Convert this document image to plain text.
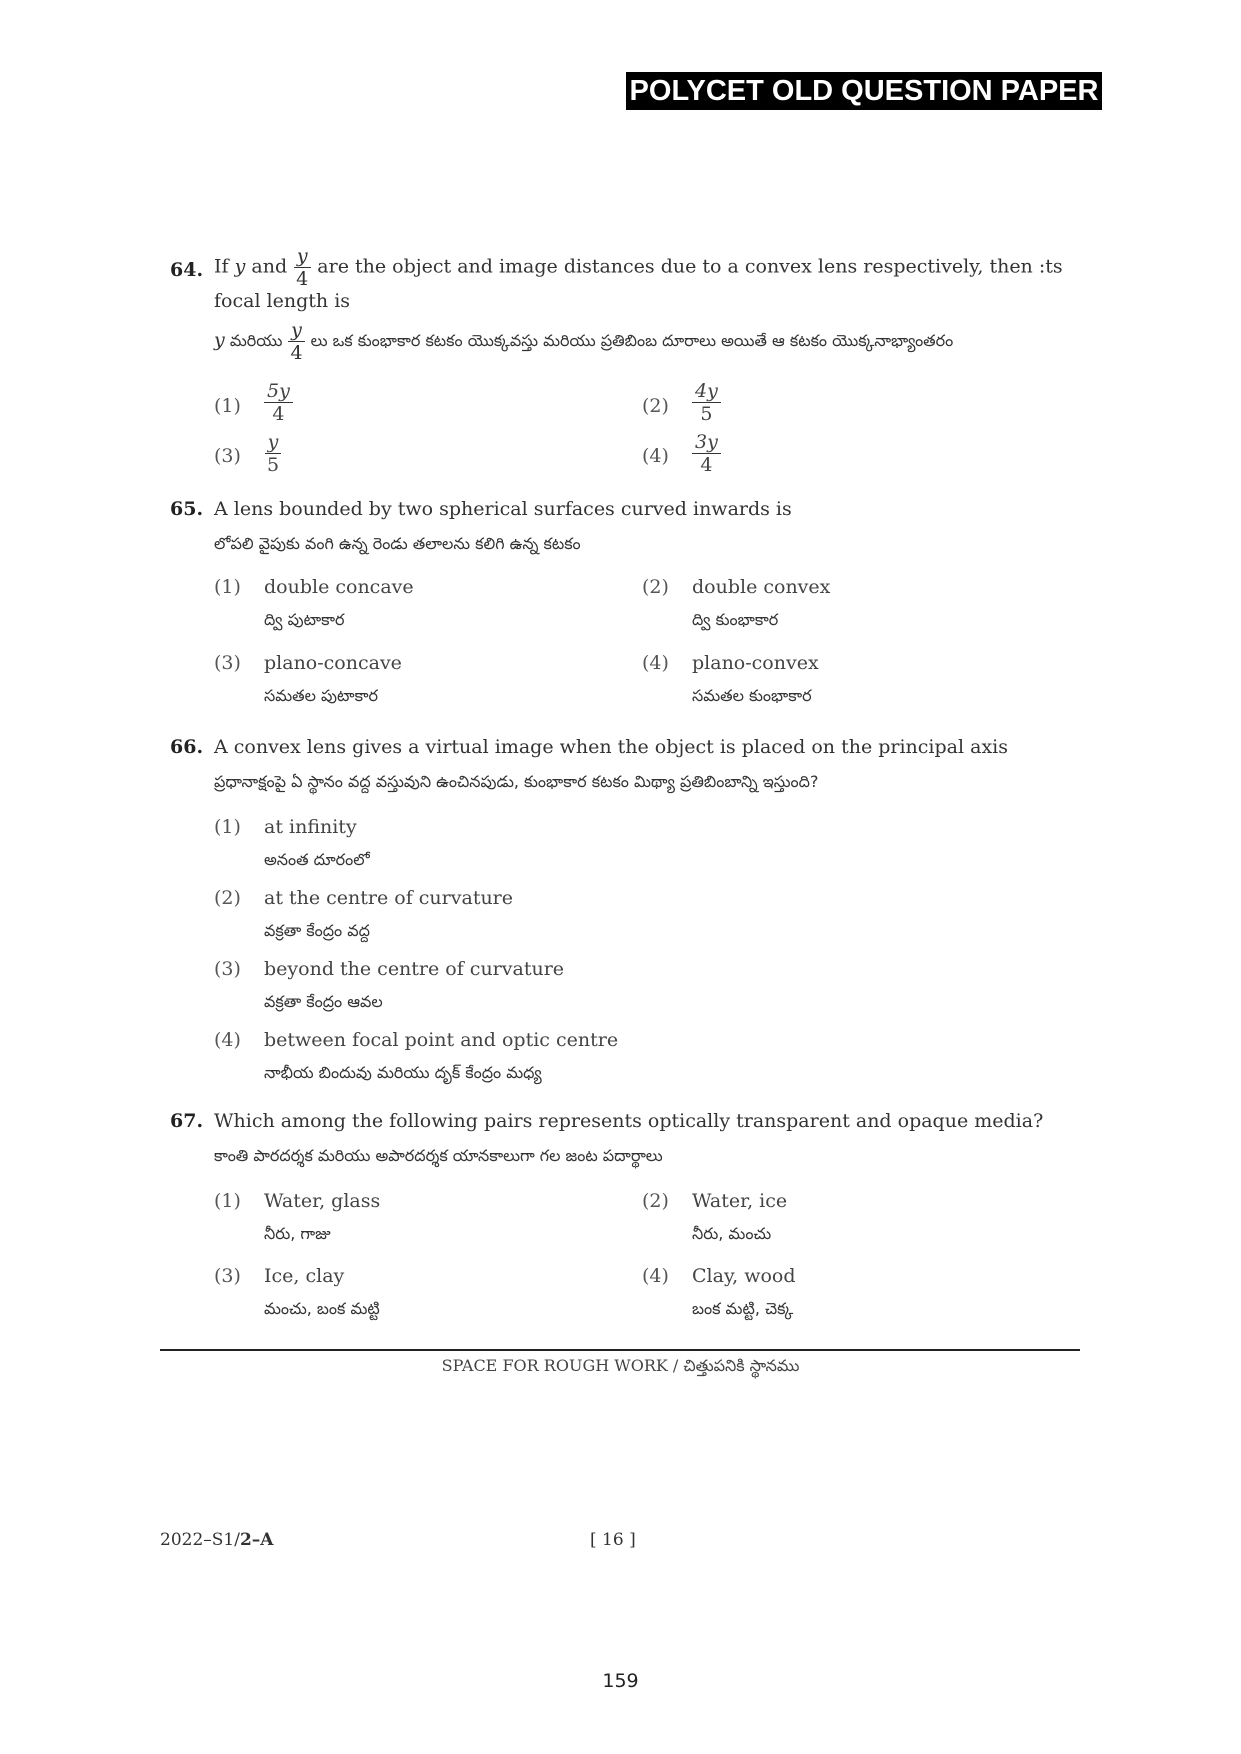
POLYCET OLD QUESTION PAPER
64. If y and $\frac{y}{4}$ are the object and image distances due to a convex lens respectively, then :ts
focal length is
y మరియు $\frac{y}{4}$ లు ఒక కుంభాకార కటకం యొక్కవస్తు మరియు ప్రతిబింబ దూరాలు అయితే ఆ కటకం యొక్కనాభ్యాంతరం
$(1) \frac{5y}{4}$	$(2) \frac{4y}{5}$
$(3) \frac{y}{5}$	$(4) \frac{3y}{4}$
65. A lens bounded by two spherical surfaces curved inwards is
లోపలి వైపుకు వంగి ఉన్న రెండు తలాలను కలిగి ఉన్న కటకం
(1) double concave
ద్వి పుటాకార
(2) double convex
ద్వి కుంభాకార
(3) plano-concave
సమతల పుటాకార
(4) plano-convex
సమతల కుంభాకార
66. A convex lens gives a virtual image when the object is placed on the principal axis
ప్రధానాక్షంపై ఏ స్థానం వద్ద వస్తువుని ఉంచినపుడు, కుంభాకార కటకం మిథ్యా ప్రతిబింబాన్ని ఇస్తుంది?
(1) at infinity
అనంత దూరంలో
(2) at the centre of curvature
వక్రతా కేంద్రం వద్ద
(3) beyond the centre of curvature
వక్రతా కేంద్రం ఆవల
(4) between focal point and optic centre
నాభీయ బిందువు మరియు దృక్ కేంద్రం మధ్య
67. Which among the following pairs represents optically transparent and opaque media?
కాంతి పారదర్శక మరియు అపారదర్శక యానకాలుగా గల జంట పదార్థాలు
(1) Water, glass
నీరు, గాజు
(2) Water, ice
నీరు, మంచు
(3) Ice, clay
మంచు, బంక మట్టి
(4) Clay, wood
బంక మట్టి, చెక్క
SPACE FOR ROUGH WORK / చిత్తుపనికి స్థానము
2022–S1/2–A	[ 16 ]
159
